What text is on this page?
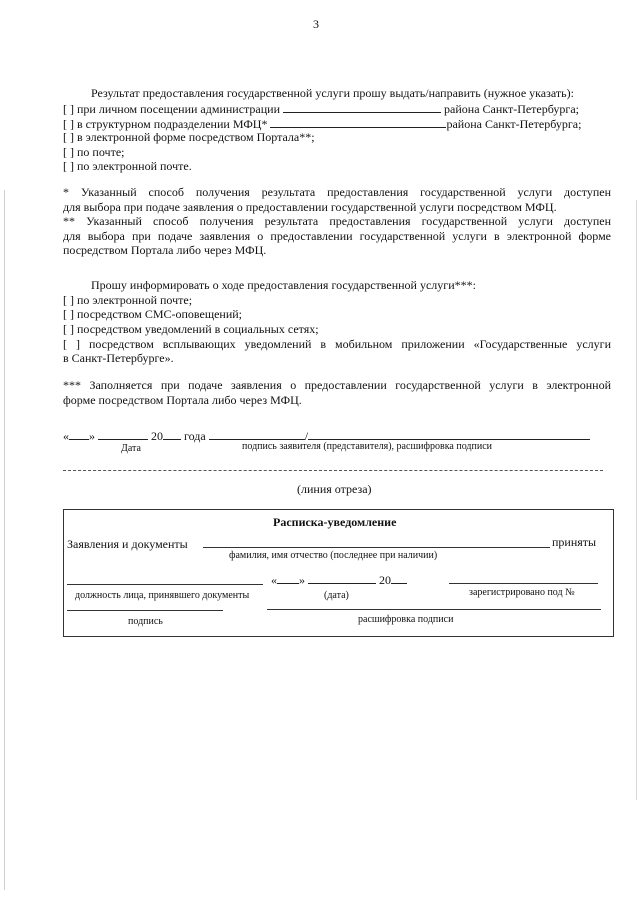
3
Результат предоставления государственной услуги прошу выдать/направить (нужное указать):
[ ] при личном посещении администрации	района Санкт-Петербурга;
[ ] в структурном подразделении МФЦ*	района Санкт-Петербурга;
[ ] в электронной форме посредством Портала**;
[ ] по почте;
[ ] по электронной почте.
* Указанный способ получения результата предоставления государственной услуги доступен
для выбора при подаче заявления о предоставлении государственной услуги посредством МФЦ.
** Указанный способ получения результата предоставления государственной услуги доступен
для выбора при подаче заявления о предоставлении государственной услуги в электронной форме
посредством Портала либо через МФЦ.
Прошу информировать о ходе предоставления государственной услуги***:
[ ] по электронной почте;
[ ] посредством СМС-оповещений;
[ ] посредством уведомлений в социальных сетях;
[ ] посредством всплывающих уведомлений в мобильном приложении «Государственные услуги
в Санкт-Петербурге».
*** Заполняется при подаче заявления о предоставлении государственной услуги в электронной
форме посредством Портала либо через МФЦ.
« »	20 года	/
Дата	подпись заявителя (представителя), расшифровка подписи
(линия отреза)
Расписка-уведомление
Заявления и документы	приняты
фамилия, имя отчество (последнее при наличии)
« »	20
должность лица, принявшего документы	(дата)	зарегистрировано под №
подпись	расшифровка подписи
